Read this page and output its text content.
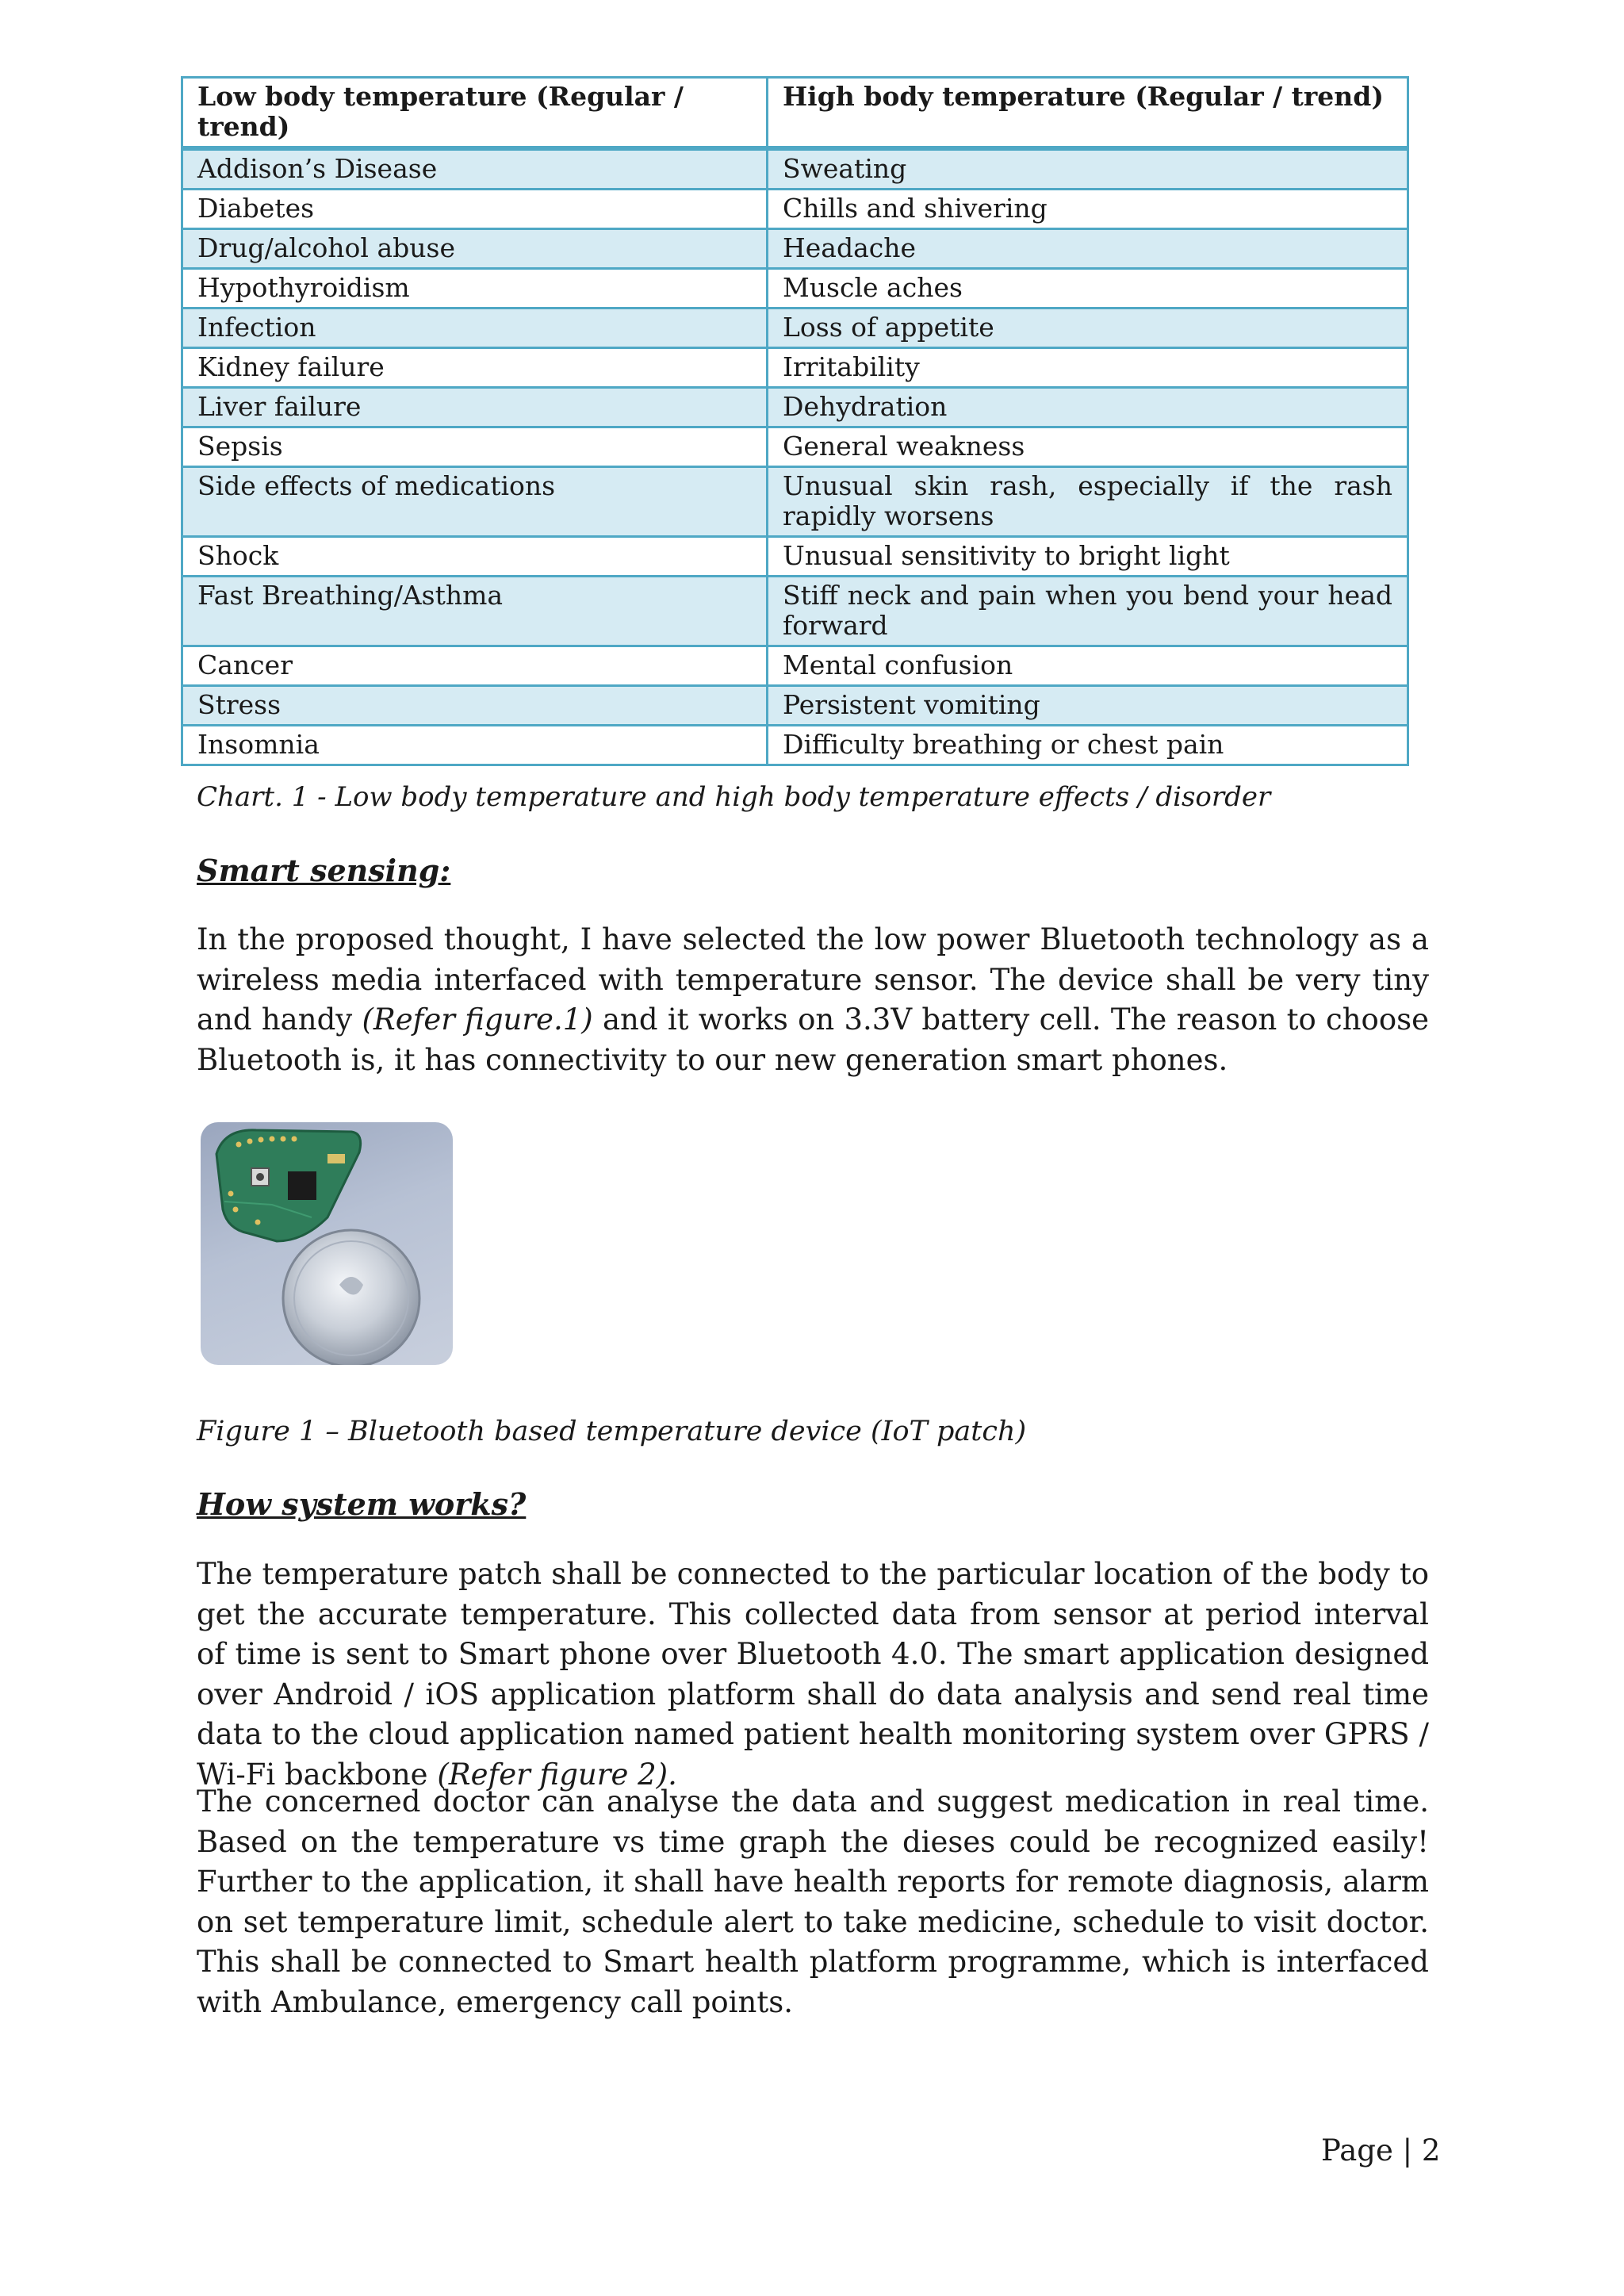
Low body temperature (Regular / trend)	High body temperature (Regular / trend)
Addison’s Disease	Sweating
Diabetes	Chills and shivering
Drug/alcohol abuse	Headache
Hypothyroidism	Muscle aches
Infection	Loss of appetite
Kidney failure	Irritability
Liver failure	Dehydration
Sepsis	General weakness
Side effects of medications	Unusual skin rash, especially if the rash rapidly worsens
Shock	Unusual sensitivity to bright light
Fast Breathing/Asthma	Stiff neck and pain when you bend your head forward
Cancer	Mental confusion
Stress	Persistent vomiting
Insomnia	Difficulty breathing or chest pain
Chart. 1 - Low body temperature and high body temperature effects / disorder
Smart sensing:

In the proposed thought, I have selected the low power Bluetooth technology as a wireless media interfaced with temperature sensor. The device shall be very tiny and handy (Refer figure.1) and it works on 3.3V battery cell. The reason to choose Bluetooth is, it has connectivity to our new generation smart phones.

Figure 1 – Bluetooth based temperature device (IoT patch)
How system works?

The temperature patch shall be connected to the particular location of the body to get the accurate temperature. This collected data from sensor at period interval of time is sent to Smart phone over Bluetooth 4.0. The smart application designed over Android / iOS application platform shall do data analysis and send real time data to the cloud application named patient health monitoring system over GPRS / Wi-Fi backbone (Refer figure 2).

The concerned doctor can analyse the data and suggest medication in real time. Based on the temperature vs time graph the dieses could be recognized easily! Further to the application, it shall have health reports for remote diagnosis, alarm on set temperature limit, schedule alert to take medicine, schedule to visit doctor. This shall be connected to Smart health platform programme, which is interfaced with Ambulance, emergency call points.

Page | 2
